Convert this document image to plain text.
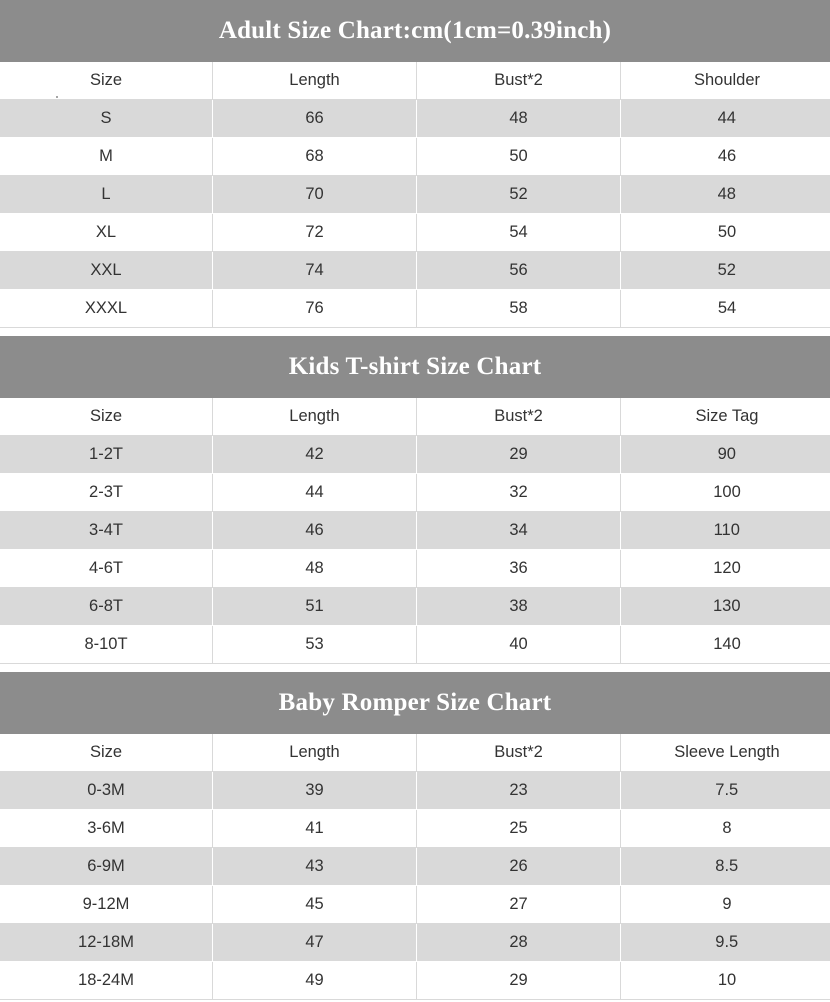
Adult Size Chart:cm(1cm=0.39inch)
Size	Length	Bust*2	Shoulder
S	66	48	44
M	68	50	46
L	70	52	48
XL	72	54	50
XXL	74	56	52
XXXL	76	58	54
Kids T-shirt Size Chart
Size	Length	Bust*2	Size Tag
1-2T	42	29	90
2-3T	44	32	100
3-4T	46	34	110
4-6T	48	36	120
6-8T	51	38	130
8-10T	53	40	140
Baby Romper Size Chart
Size	Length	Bust*2	Sleeve Length
0-3M	39	23	7.5
3-6M	41	25	8
6-9M	43	26	8.5
9-12M	45	27	9
12-18M	47	28	9.5
18-24M	49	29	10
